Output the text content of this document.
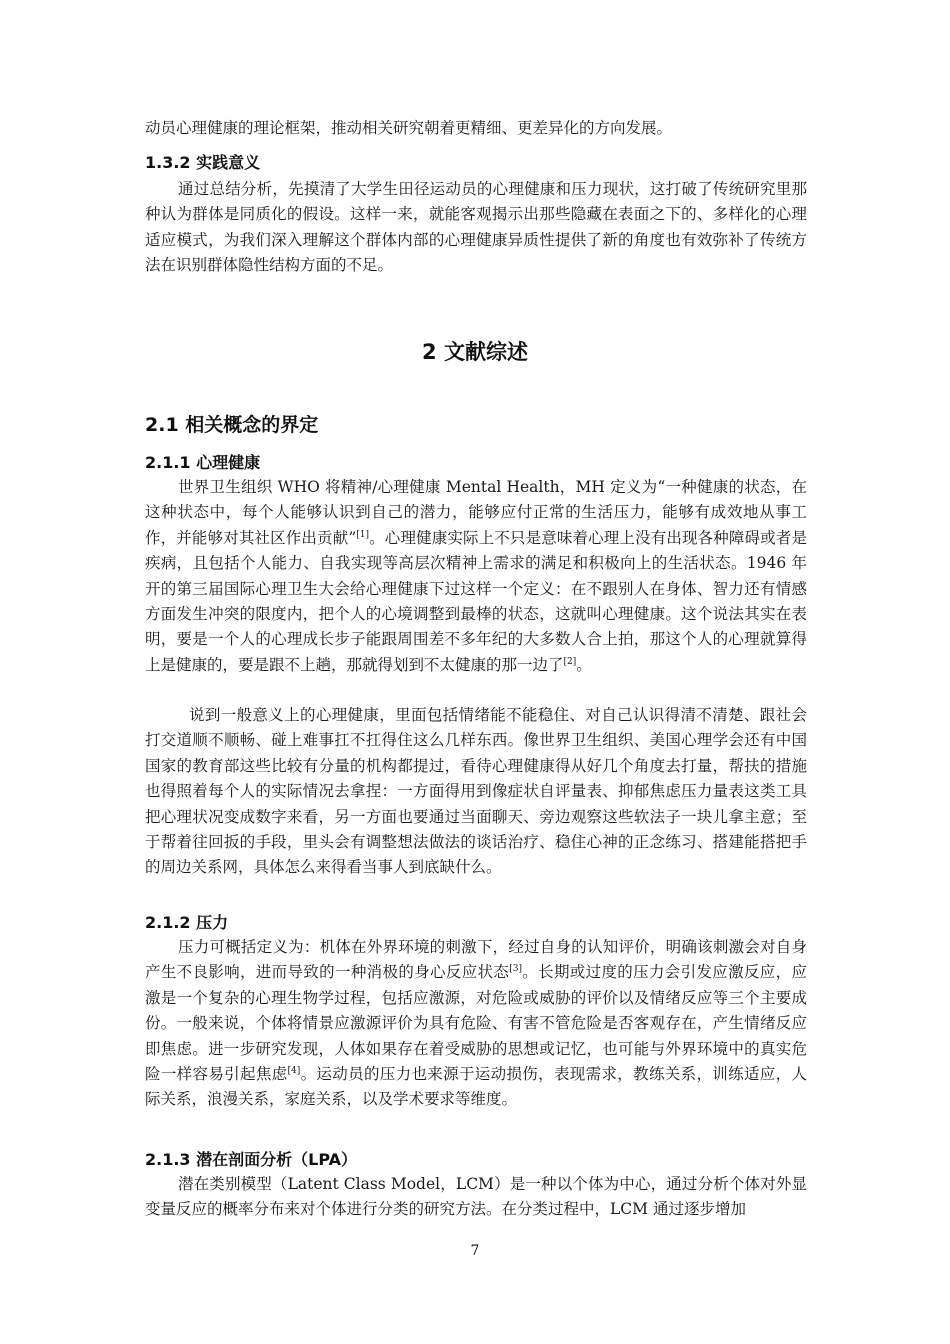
动员心理健康的理论框架，推动相关研究朝着更精细、更差异化的方向发展。

1.3.2 实践意义

通过总结分析，先摸清了大学生田径运动员的心理健康和压力现状，这打破了传统研究里那种认为群体是同质化的假设。这样一来，就能客观揭示出那些隐藏在表面之下的、多样化的心理适应模式，为我们深入理解这个群体内部的心理健康异质性提供了新的角度也有效弥补了传统方法在识别群体隐性结构方面的不足。

2 文献综述
2.1 相关概念的界定
2.1.1 心理健康

世界卫生组织 WHO 将精神/心理健康 Mental Health，MH 定义为“一种健康的状态，在这种状态中，每个人能够认识到自己的潜力，能够应付正常的生活压力，能够有成效地从事工作，并能够对其社区作出贡献”[1]。心理健康实际上不只是意味着心理上没有出现各种障碍或者是疾病，且包括个人能力、自我实现等高层次精神上需求的满足和积极向上的生活状态。1946 年开的第三届国际心理卫生大会给心理健康下过这样一个定义：在不跟别人在身体、智力还有情感方面发生冲突的限度内，把个人的心境调整到最棒的状态，这就叫心理健康。这个说法其实在表明，要是一个人的心理成长步子能跟周围差不多年纪的大多数人合上拍，那这个人的心理就算得上是健康的，要是跟不上趟，那就得划到不太健康的那一边了[2]。

说到一般意义上的心理健康，里面包括情绪能不能稳住、对自己认识得清不清楚、跟社会打交道顺不顺畅、碰上难事扛不扛得住这么几样东西。像世界卫生组织、美国心理学会还有中国国家的教育部这些比较有分量的机构都提过，看待心理健康得从好几个角度去打量，帮扶的措施也得照着每个人的实际情况去拿捏：一方面得用到像症状自评量表、抑郁焦虑压力量表这类工具把心理状况变成数字来看，另一方面也要通过当面聊天、旁边观察这些软法子一块儿拿主意；至于帮着往回扳的手段，里头会有调整想法做法的谈话治疗、稳住心神的正念练习、搭建能搭把手的周边关系网，具体怎么来得看当事人到底缺什么。

2.1.2 压力

压力可概括定义为：机体在外界环境的刺激下，经过自身的认知评价，明确该刺激会对自身产生不良影响，进而导致的一种消极的身心反应状态[3]。长期或过度的压力会引发应激反应，应激是一个复杂的心理生物学过程，包括应激源，对危险或威胁的评价以及情绪反应等三个主要成份。一般来说，个体将情景应激源评价为具有危险、有害不管危险是否客观存在，产生情绪反应即焦虑。进一步研究发现，人体如果存在着受威胁的思想或记忆，也可能与外界环境中的真实危险一样容易引起焦虑[4]。运动员的压力也来源于运动损伤，表现需求，教练关系，训练适应，人际关系，浪漫关系，家庭关系，以及学术要求等维度。

2.1.3 潜在剖面分析（LPA）

潜在类别模型（Latent Class Model，LCM）是一种以个体为中心，通过分析个体对外显变量反应的概率分布来对个体进行分类的研究方法。在分类过程中，LCM 通过逐步增加

7
